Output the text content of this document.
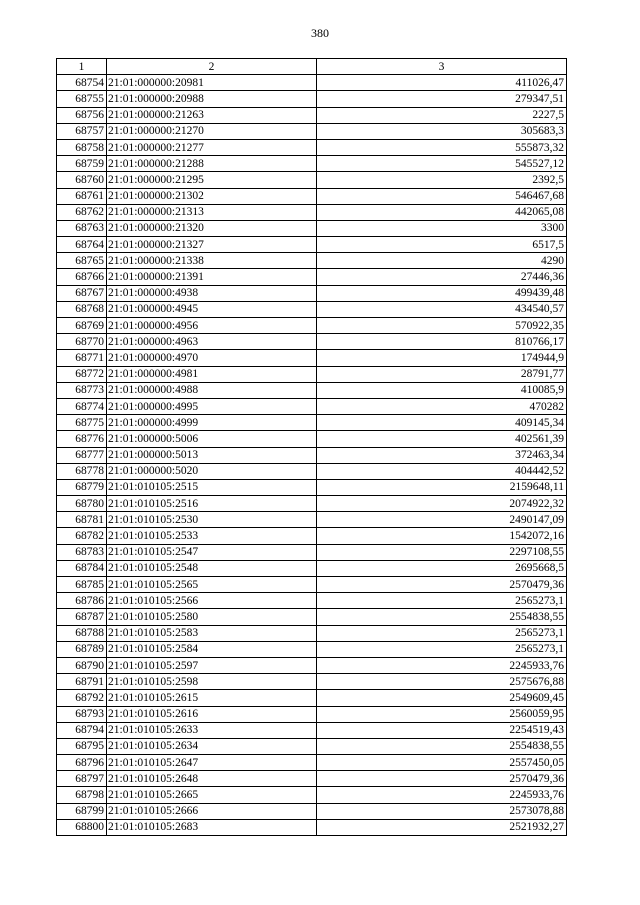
380
1	2	3
68754	21:01:000000:20981	411026,47
68755	21:01:000000:20988	279347,51
68756	21:01:000000:21263	2227,5
68757	21:01:000000:21270	305683,3
68758	21:01:000000:21277	555873,32
68759	21:01:000000:21288	545527,12
68760	21:01:000000:21295	2392,5
68761	21:01:000000:21302	546467,68
68762	21:01:000000:21313	442065,08
68763	21:01:000000:21320	3300
68764	21:01:000000:21327	6517,5
68765	21:01:000000:21338	4290
68766	21:01:000000:21391	27446,36
68767	21:01:000000:4938	499439,48
68768	21:01:000000:4945	434540,57
68769	21:01:000000:4956	570922,35
68770	21:01:000000:4963	810766,17
68771	21:01:000000:4970	174944,9
68772	21:01:000000:4981	28791,77
68773	21:01:000000:4988	410085,9
68774	21:01:000000:4995	470282
68775	21:01:000000:4999	409145,34
68776	21:01:000000:5006	402561,39
68777	21:01:000000:5013	372463,34
68778	21:01:000000:5020	404442,52
68779	21:01:010105:2515	2159648,11
68780	21:01:010105:2516	2074922,32
68781	21:01:010105:2530	2490147,09
68782	21:01:010105:2533	1542072,16
68783	21:01:010105:2547	2297108,55
68784	21:01:010105:2548	2695668,5
68785	21:01:010105:2565	2570479,36
68786	21:01:010105:2566	2565273,1
68787	21:01:010105:2580	2554838,55
68788	21:01:010105:2583	2565273,1
68789	21:01:010105:2584	2565273,1
68790	21:01:010105:2597	2245933,76
68791	21:01:010105:2598	2575676,88
68792	21:01:010105:2615	2549609,45
68793	21:01:010105:2616	2560059,95
68794	21:01:010105:2633	2254519,43
68795	21:01:010105:2634	2554838,55
68796	21:01:010105:2647	2557450,05
68797	21:01:010105:2648	2570479,36
68798	21:01:010105:2665	2245933,76
68799	21:01:010105:2666	2573078,88
68800	21:01:010105:2683	2521932,27
